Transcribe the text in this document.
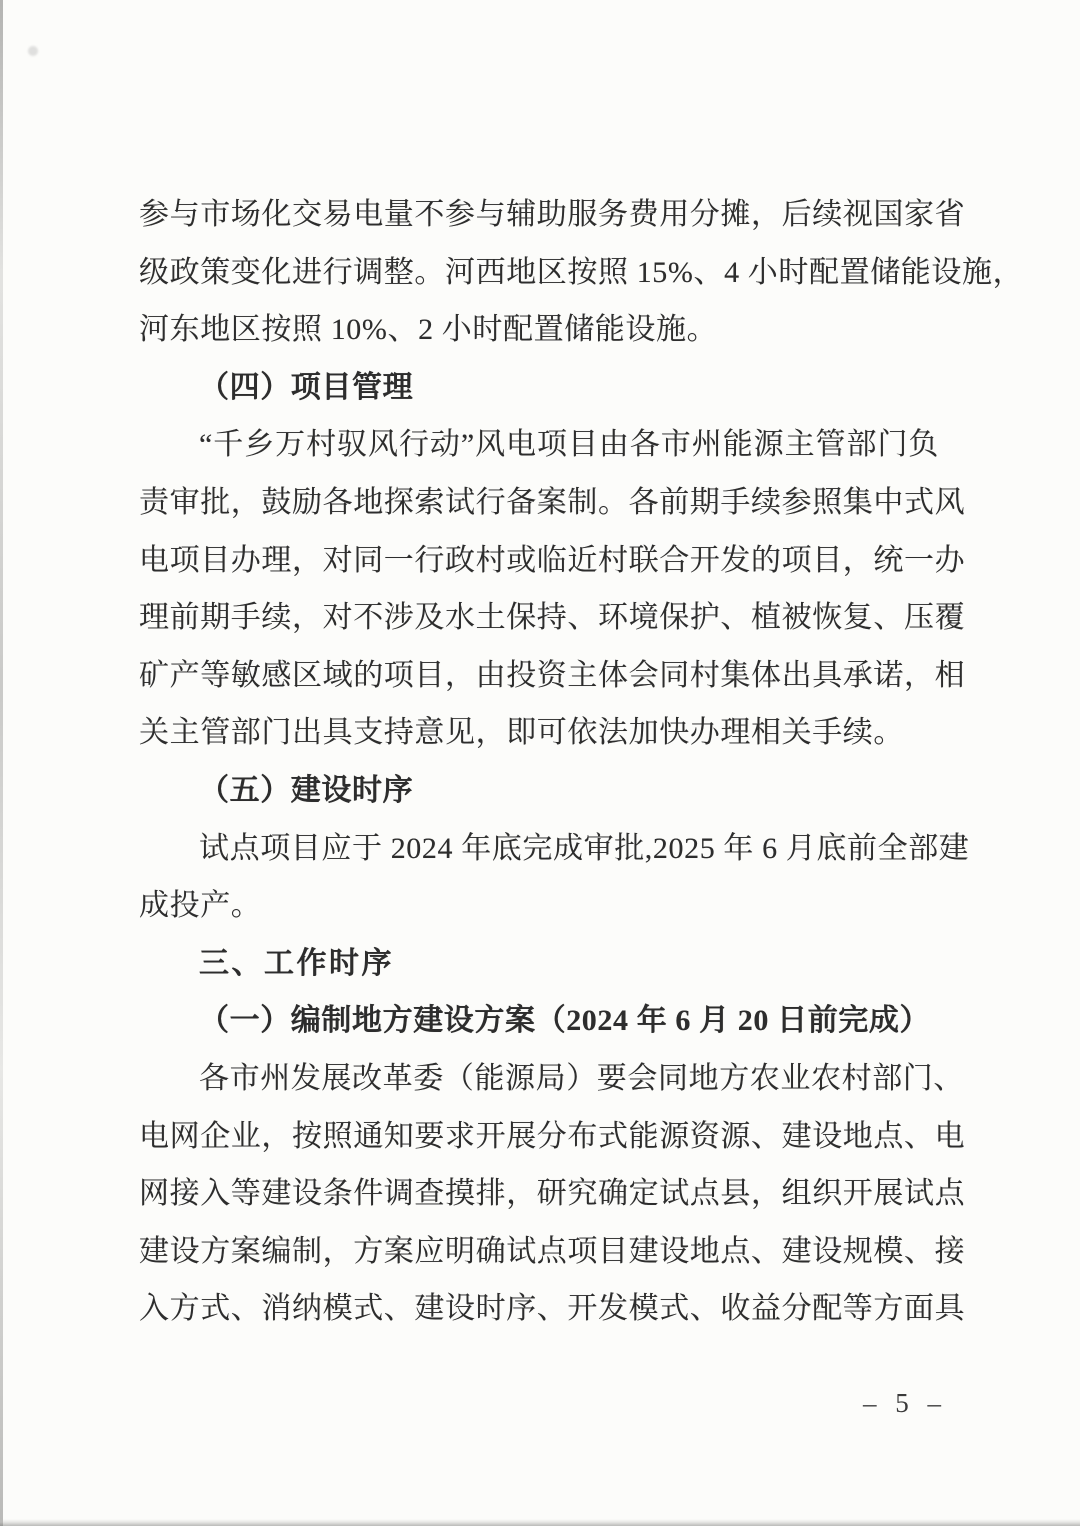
参与市场化交易电量不参与辅助服务费用分摊，后续视国家省
级政策变化进行调整。河西地区按照 15%、4 小时配置储能设施，
河东地区按照 10%、2 小时配置储能设施。
（四）项目管理
“千乡万村驭风行动”风电项目由各市州能源主管部门负
责审批，鼓励各地探索试行备案制。各前期手续参照集中式风
电项目办理，对同一行政村或临近村联合开发的项目，统一办
理前期手续，对不涉及水土保持、环境保护、植被恢复、压覆
矿产等敏感区域的项目，由投资主体会同村集体出具承诺，相
关主管部门出具支持意见，即可依法加快办理相关手续。
（五）建设时序
试点项目应于 2024 年底完成审批,2025 年 6 月底前全部建
成投产。
三、工作时序
（一）编制地方建设方案（2024 年 6 月 20 日前完成）
各市州发展改革委（能源局）要会同地方农业农村部门、
电网企业，按照通知要求开展分布式能源资源、建设地点、电
网接入等建设条件调查摸排，研究确定试点县，组织开展试点
建设方案编制，方案应明确试点项目建设地点、建设规模、接
入方式、消纳模式、建设时序、开发模式、收益分配等方面具
– 5 –
